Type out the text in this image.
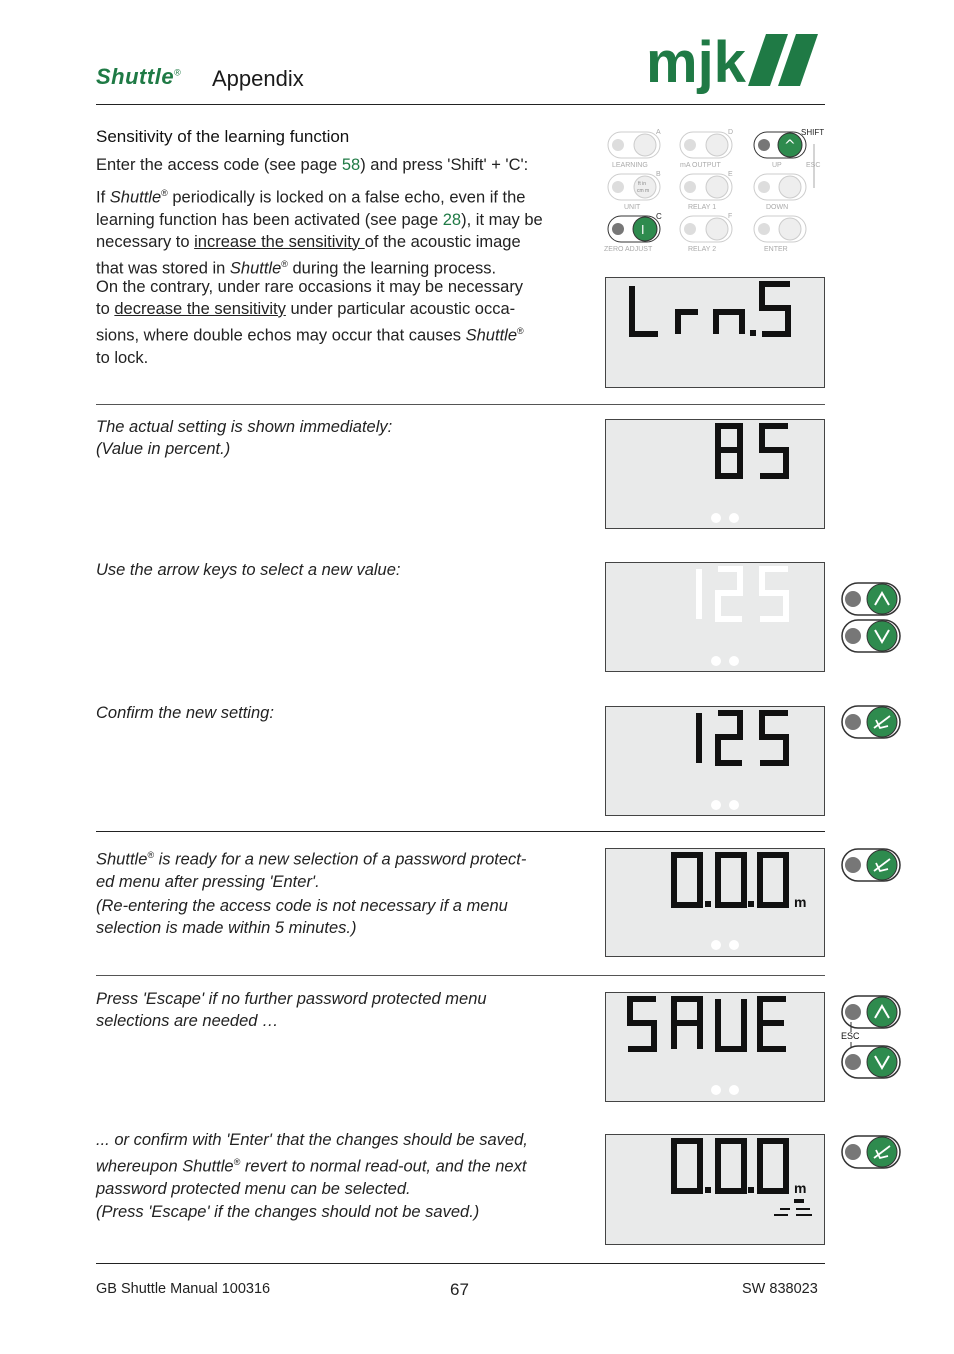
Shuttle® Appendix	mjk
Sensitivity of the learning function
Enter the access code (see page 58) and press 'Shift' + 'C':
If Shuttle® periodically is locked on a false echo, even if the
learning function has been activated (see page 28), it may be
necessary to increase the sensitivity of the acoustic image
that was stored in Shuttle® during the learning process.
On the contrary, under rare occasions it may be necessary
to decrease the sensitivity under particular acoustic occa-
sions, where double echos may occur that causes Shuttle®
to lock.
A
LEARNING
D
mA OUTPUT
^
SHIFT
UP	ESC
ft in
cm m
B
UNIT
E
RELAY 1	DOWN
I
C
ZERO ADJUST
F
RELAY 2	ENTER
The actual setting is shown immediately:
(Value in percent.)
Use the arrow keys to select a new value:
Confirm the new setting:
Shuttle® is ready for a new selection of a password protect-
ed menu after pressing 'Enter'.
(Re-entering the access code is not necessary if a menu
selection is made within 5 minutes.)
m
Press 'Escape' if no further password protected menu
selections are needed …
ESC
... or confirm with 'Enter' that the changes should be saved,
whereupon Shuttle® revert to normal read-out, and the next
password protected menu can be selected.
(Press 'Escape' if the changes should not be saved.)
m
GB Shuttle Manual 100316	67	SW 838023
